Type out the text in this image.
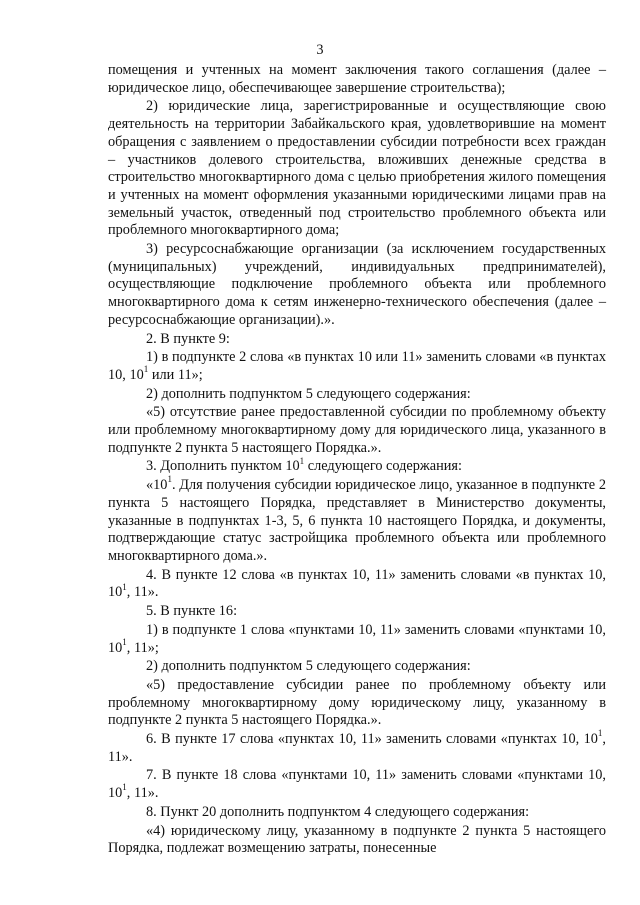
3

помещения и учтенных на момент заключения такого соглашения (далее – юридическое лицо, обеспечивающее завершение строительства);

2) юридические лица, зарегистрированные и осуществляющие свою деятельность на территории Забайкальского края, удовлетворившие на момент обращения с заявлением о предоставлении субсидии потребности всех граждан – участников долевого строительства, вложивших денежные средства в строительство многоквартирного дома с целью приобретения жилого помещения и учтенных на момент оформления указанными юридическими лицами прав на земельный участок, отведенный под строительство проблемного объекта или проблемного многоквартирного дома;

3) ресурсоснабжающие организации (за исключением государственных (муниципальных) учреждений, индивидуальных предпринимателей), осуществляющие подключение проблемного объекта или проблемного многоквартирного дома к сетям инженерно-технического обеспечения (далее – ресурсоснабжающие организации).».

2. В пункте 9:

1) в подпункте 2 слова «в пунктах 10 или 11» заменить словами «в пунктах 10, $10^1$ или 11»;

2) дополнить подпунктом 5 следующего содержания:

«5) отсутствие ранее предоставленной субсидии по проблемному объекту или проблемному многоквартирному дому для юридического лица, указанного в подпункте 2 пункта 5 настоящего Порядка.».

3. Дополнить пунктом $10^1$ следующего содержания:

«$10^1$. Для получения субсидии юридическое лицо, указанное в подпункте 2 пункта 5 настоящего Порядка, представляет в Министерство документы, указанные в подпунктах 1-3, 5, 6 пункта 10 настоящего Порядка, и документы, подтверждающие статус застройщика проблемного объекта или проблемного многоквартирного дома.».

4. В пункте 12 слова «в пунктах 10, 11» заменить словами «в пунктах 10, $10^1$, 11».

5. В пункте 16:

1) в подпункте 1 слова «пунктами 10, 11» заменить словами «пунктами 10, $10^1$, 11»;

2) дополнить подпунктом 5 следующего содержания:

«5) предоставление субсидии ранее по проблемному объекту или проблемному многоквартирному дому юридическому лицу, указанному в подпункте 2 пункта 5 настоящего Порядка.».

6. В пункте 17 слова «пунктах 10, 11» заменить словами «пунктах 10, $10^1$, 11».

7. В пункте 18 слова «пунктами 10, 11» заменить словами «пунктами 10, $10^1$, 11».

8. Пункт 20 дополнить подпунктом 4 следующего содержания:

«4) юридическому лицу, указанному в подпункте 2 пункта 5 настоящего Порядка, подлежат возмещению затраты, понесенные
